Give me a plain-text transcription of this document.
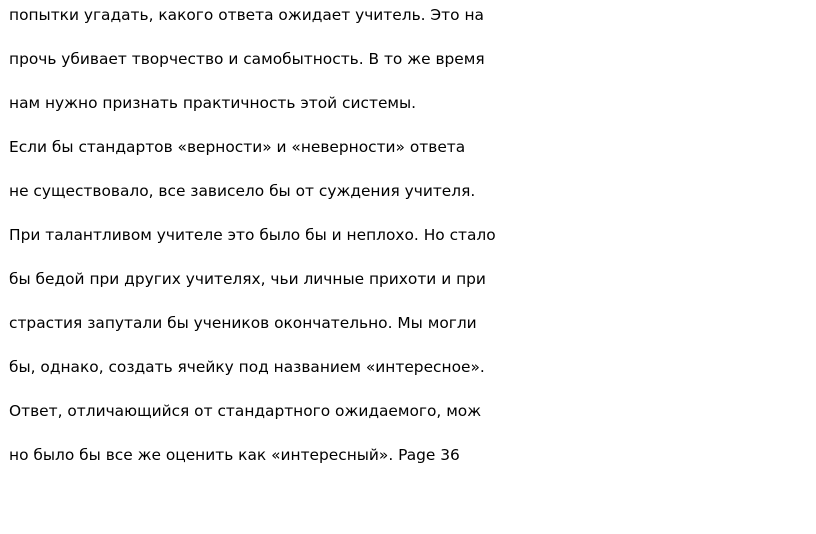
попытки угадать, какого ответа ожидает учитель. Это на
прочь убивает творчество и самобытность. В то же время
нам нужно признать практичность этой системы.
Если бы стандартов «верности» и «неверности» ответа
не существовало, все зависело бы от суждения учителя.
При талантливом учителе это было бы и неплохо. Но стало
бы бедой при других учителях, чьи личные прихоти и при
страстия запутали бы учеников окончательно. Мы могли
бы, однако, создать ячейку под названием «интересное».
Ответ, отличающийся от стандартного ожидаемого, мож
но было бы все же оценить как «интересный». Page 36
